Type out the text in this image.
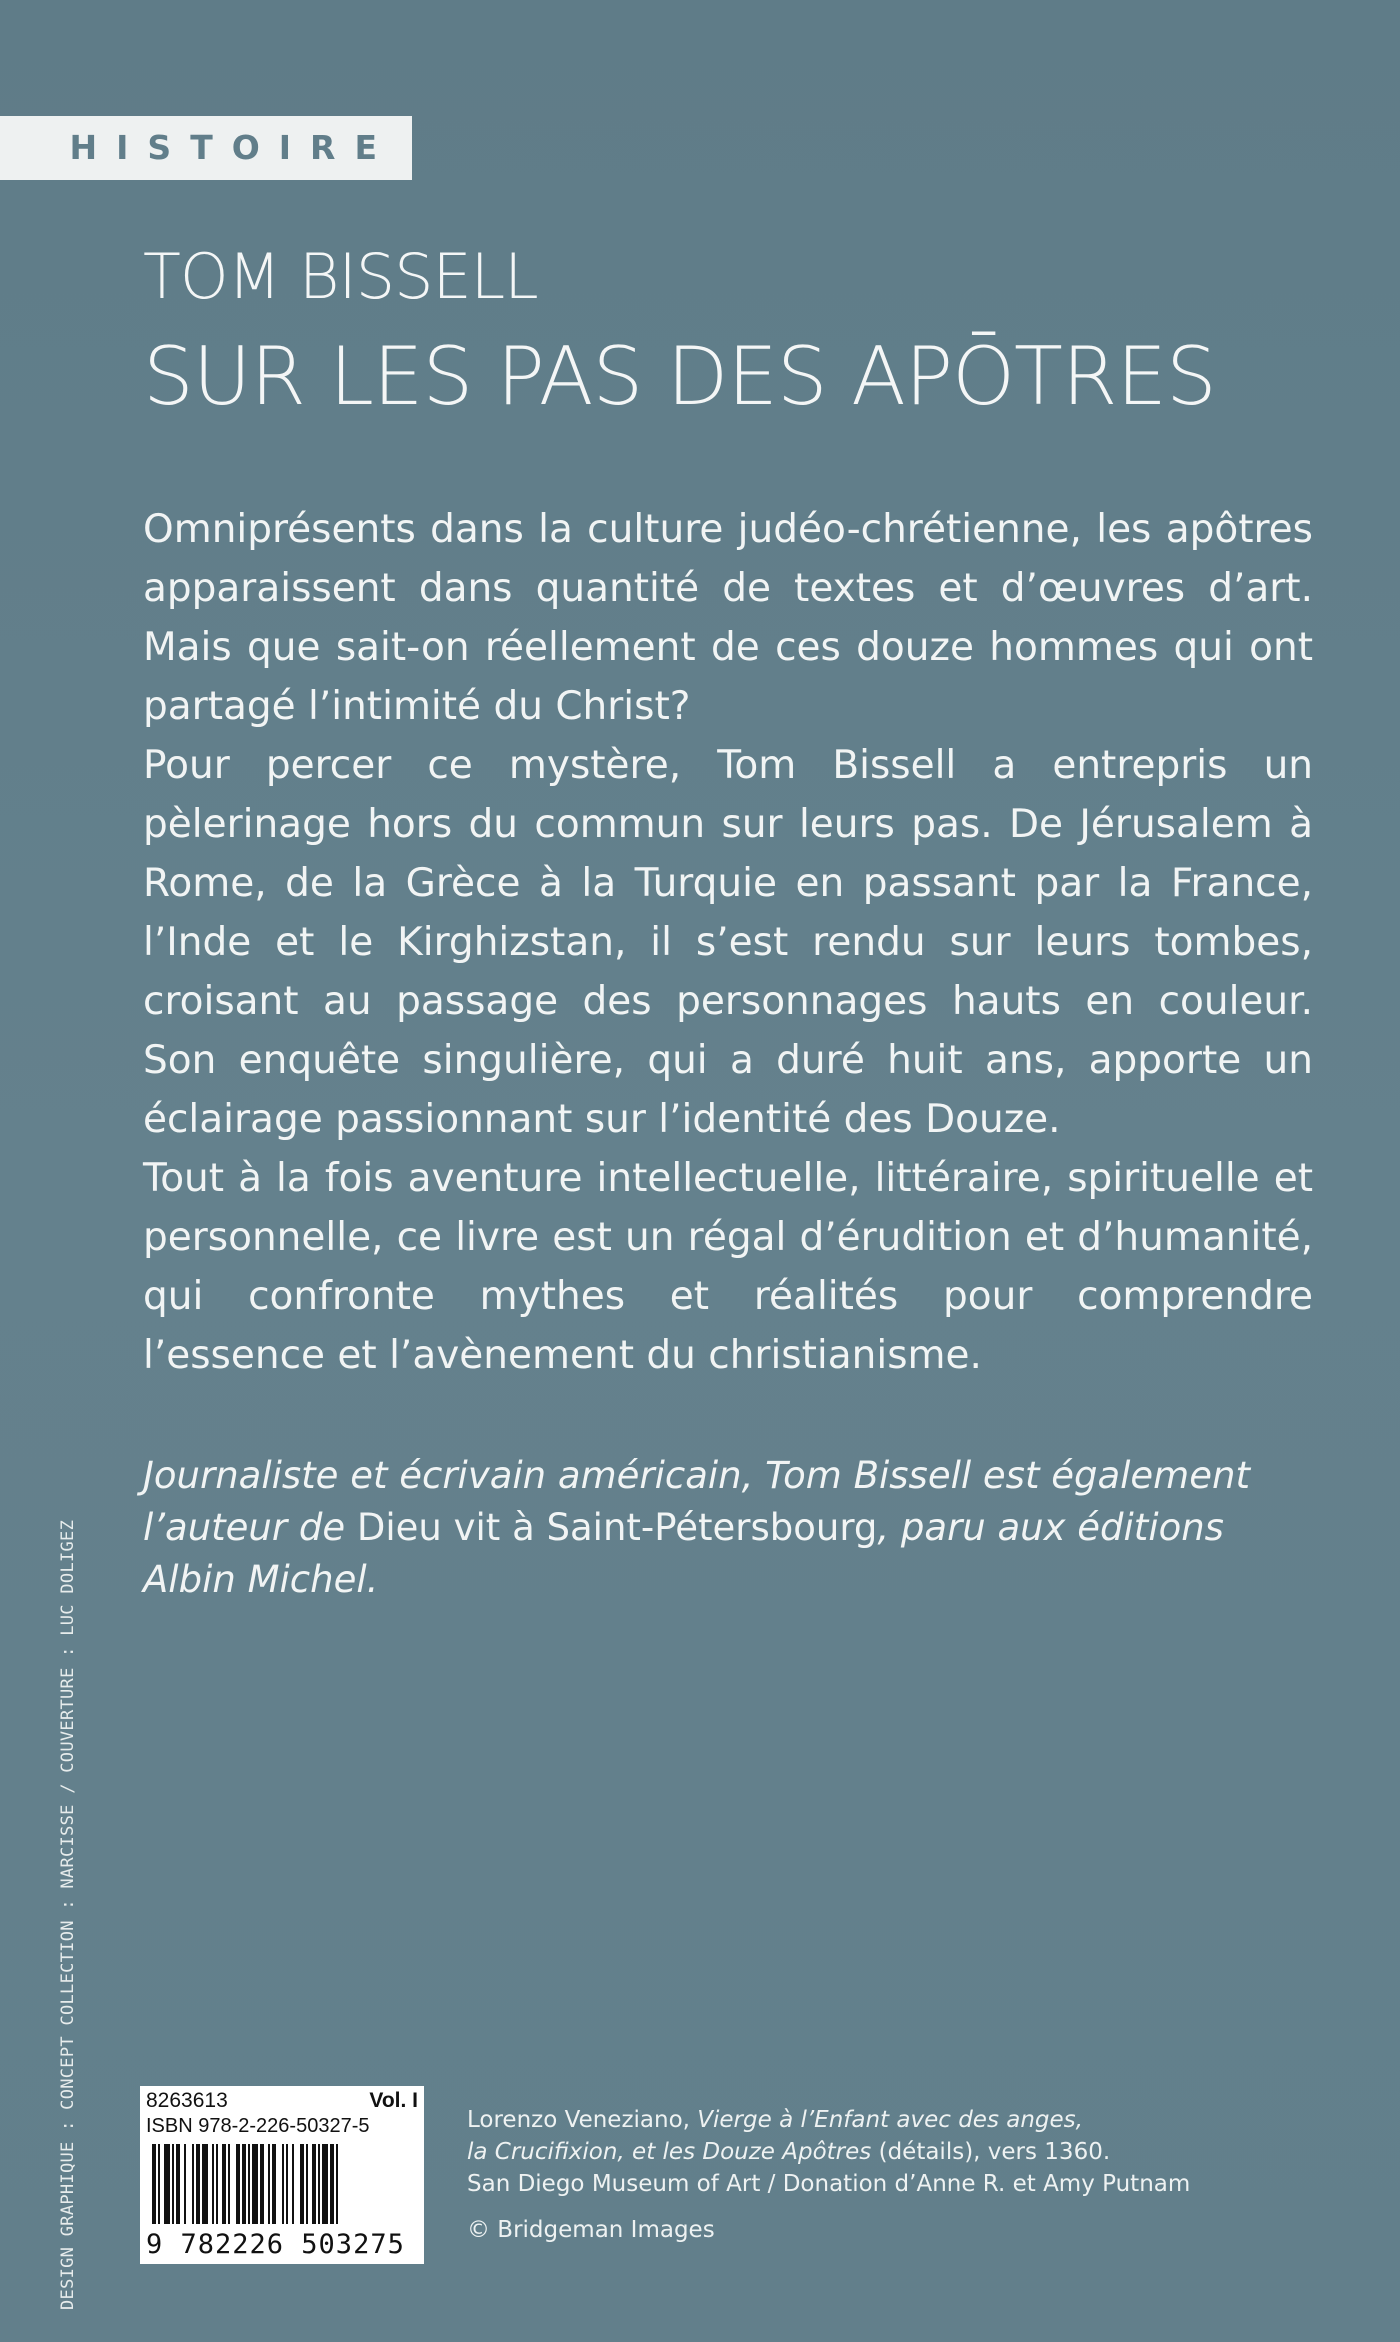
HISTOIRE
TOM BISSELL
SUR LES PAS DES APŌTRES

Omniprésents dans la culture judéo-chrétienne, les apôtres apparaissent dans quantité de textes et d’œuvres d’art. Mais que sait-on réellement de ces douze hommes qui ont partagé l’intimité du Christ?

Pour percer ce mystère, Tom Bissell a entrepris un pèlerinage hors du commun sur leurs pas. De Jérusalem à Rome, de la Grèce à la Turquie en passant par la France, l’Inde et le Kirghizstan, il s’est rendu sur leurs tombes, croisant au passage des personnages hauts en couleur. Son enquête singulière, qui a duré huit ans, apporte un éclairage passionnant sur l’identité des Douze.

Tout à la fois aventure intellectuelle, littéraire, spirituelle et personnelle, ce livre est un régal d’érudition et d’humanité, qui confronte mythes et réalités pour comprendre l’essence et l’avènement du christianisme.

Journaliste et écrivain américain, Tom Bissell est également l’auteur de Dieu vit à Saint-Pétersbourg, paru aux éditions Albin Michel.
DESIGN GRAPHIQUE : CONCEPT COLLECTION : NARCISSE / COUVERTURE : LUC DOLIGEZ	8263613	Vol. I
ISBN 978-2-226-50327-5
9 782226 503275
Lorenzo Veneziano, Vierge à l’Enfant avec des anges,
la Crucifixion, et les Douze Apôtres (détails), vers 1360.
San Diego Museum of Art / Donation d’Anne R. et Amy Putnam
© Bridgeman Images
